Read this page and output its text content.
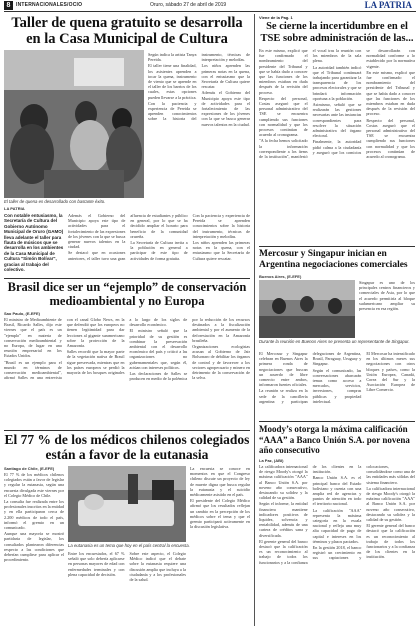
8	INTERNACIONALES/OCIO	Oruro, sábado 27 de abril de 2019	LA PATRIA
Taller de quena gratuito se desarrolla en la Casa Municipal de Cultura
El taller de quena es desarrollado con bastante éxito.
LA PATRIA

Según indica la artista Tanya Pereida.

El taller tiene una finalidad, los asistentes aprenden a tocar la quena, instrumento de viento que se aprende en el taller de los barrios de los cuales, estas opciones pueden llevarse a la práctica.

Con la paciencia y experiencia de Pereida se aprenden conocimientos sobre la historia del instrumento, técnicas de interpretación y melodías.

Los niños aprenden las primeras notas en la quena, con el entusiasmo que la Secretaría de Cultura quiere rescatar.

Además el Gobierno del Municipio apoya este tipo de actividades para el fortalecimiento de las expresiones de los jóvenes con la que se busca generar nuevos talentos en la ciudad.

Con notable entusiasmo, la Secretaría de Cultura del Gobierno Autónomo Municipal de Oruro (GAMO) lleva adelante el taller para flauta de músicos que se desarrolla en los ambientes de la Casa Municipal de Cultura "Simón Bolívar", gracias al trabajo del colectivo.

Además el Gobierno del Municipio apoya este tipo de actividades para el fortalecimiento de las expresiones de los jóvenes con la que se busca generar nuevos talentos en la ciudad.

Se destacó que en ocasiones anteriores, el taller tuvo una gran afluencia de estudiantes y público en general, por lo que se ha decidido ampliar el horario para beneficio de la comunidad orureña.

La Secretaría de Cultura invita a la población en general a participar de este tipo de actividades de forma gratuita.

Con la paciencia y experiencia de Pereida se aprenden conocimientos sobre la historia del instrumento, técnicas de interpretación y melodías.

Los niños aprenden las primeras notas en la quena, con el entusiasmo que la Secretaría de Cultura quiere rescatar.

Brasil dice ser un “ejemplo” de conservación medioambiental y no Europa
Sao Paulo, (E-EFE)

El ministro de Medioambiente de Brasil, Ricardo Salles, dijo este viernes que el país es un "ejemplo" en materia de conservación medioambiental y no Europa, de lugar en una reunión empresarial en los Estados Unidos.

"Brasil es un ejemplo para el mundo en términos de conservación medioambiental", afirmó Salles en una entrevista con el canal Globo News, en la que defendió que los europeos no tienen legitimidad para dar lecciones al gigante suramericano sobre la protección de la Amazonía.

Salles recordó que la mayor parte de la vegetación nativa de Brasil sigue preservada, mientras que en los países europeos se perdió la mayoría de los bosques originales a lo largo de los siglos de desarrollo económico.

El ministro señaló que la prioridad de su gestión es combinar la preservación ambiental con el desarrollo económico del país y criticó a las organizaciones no gubernamentales que, según él, actúan con intereses políticos.

Las declaraciones de Salles se producen en medio de la polémica por la reducción de los recursos destinados a la fiscalización ambiental y por el aumento de la deforestación en la Amazonía brasileña.

Organizaciones ecologistas acusan al Gobierno de Jair Bolsonaro de debilitar los órganos de control y de favorecer a los sectores agropecuario y minero en detrimento de la conservación de la selva.

El 77 % de los médicos chilenos colegiados están a favor de la eutanasia
Santiago de Chile, (E-EFE)

El 77 % de los médicos chilenos colegiados están a favor de legislar y regular la eutanasia, según una encuesta divulgada este viernes por el Colegio Médico de Chile.

La consulta fue realizada entre los profesionales inscritos en la entidad y en ella participaron cerca de 2.200 médicos de todo el país, informó el gremio en un comunicado.

Aunque una mayoría se mostró partidaria de legislar, los consultados plantearon diferencias respecto a las condiciones que deberían cumplirse para aplicar el procedimiento.

La eutanasia es un tema que hoy en el país central la encuesta.

Entre los encuestados, el 67 % señaló que solo debería aplicarse en personas mayores de edad con enfermedades terminales y con plena capacidad de decisión.

Sobre este aspecto, el Colegio Médico indicó que el debate sobre la eutanasia requiere una discusión amplia que incluya a la ciudadanía y a los profesionales de la salud.

La encuesta se conoce en momentos en que el Congreso chileno discute un proyecto de ley de muerte digna que busca regular la eutanasia y el suicidio médicamente asistido en el país.

El presidente del Colegio Médico afirmó que los resultados reflejan un cambio en la percepción de los médicos sobre el tema y que el gremio participará activamente en la discusión legislativa.

Viene de la Pag. 1
Se cierne la incertidumbre en el TSE sobre administración de las...

En este mismo, explicó que fue confirmado el nombramiento del presidente del Tribunal y que se había dado a conocer que las funciones de los miembros estaban en duda después de la revisión del proceso.

Respecto del personal, Costas aseguró que el personal administrativo del TSE se encuentra cumpliendo sus funciones con normalidad y que los procesos continúan de acuerdo al cronograma.

"A la fecha hemos solicitado la información correspondiente a los ítems de la institución", manifestó el vocal tras la reunión con los miembros de la sala plena.

La autoridad también indicó que el Tribunal continuará trabajando para garantizar la transparencia de los procesos electorales y que se brindará información oportuna a la población.

Asimismo, señaló que se realizarán las gestiones necesarias ante las instancias correspondientes para resolver la situación administrativa del órgano electoral.

Finalmente, la autoridad pidió calma a la ciudadanía y aseguró que los comicios se desarrollarán con normalidad conforme a lo establecido por la normativa vigente.

En este mismo, explicó que fue confirmado el nombramiento del presidente del Tribunal y que se había dado a conocer que las funciones de los miembros estaban en duda después de la revisión del proceso.

Respecto del personal, Costas aseguró que el personal administrativo del TSE se encuentra cumpliendo sus funciones con normalidad y que los procesos continúan de acuerdo al cronograma.

Mercosur y Singapur inician en Argentina negociaciones comerciales
Buenos Aires, (E-EFE)

Singapur es uno de los principales centros financieros y comerciales de Asia, por lo que el acuerdo permitiría al bloque sudamericano ampliar su presencia en esa región.

Durante la reunión en Buenos Aires se presenta un representante de Singapur.

El Mercosur y Singapur celebran en Buenos Aires la primera ronda de negociaciones que buscan un acuerdo de libre comercio entre ambos, informaron fuentes oficiales.

La reunión se realiza en la sede de la cancillería argentina y participan delegaciones de Argentina, Brasil, Paraguay, Uruguay y Singapur.

Según el comunicado, las conversaciones abarcarán temas como acceso a mercados, servicios, inversiones, compras públicas y propiedad intelectual.

El Mercosur ha intensificado en los últimos meses sus negociaciones con otros bloques y países, como la Unión Europea, Canadá, Corea del Sur y la Asociación Europea de Libre Comercio.

Moody’s otorga la máxima calificación “AAA” a Banco Unión S.A. por novena año consecutivo
La Paz, (ABI)

La calificadora internacional de riesgo Moody's otorgó la máxima calificación "AAA" al Banco Unión S.A. por noveno año consecutivo, destacando su solidez y la calidad de su gestión.

Según el informe, la entidad financiera mantiene indicadores positivos de liquidez, solvencia y rentabilidad, además de una cartera de créditos sana y diversificada.

El gerente general del banco destacó que la calificación es un reconocimiento al trabajo de todos los funcionarios y a la confianza de los clientes en la institución.

Banco Unión S.A. es el principal banco del Estado boliviano y cuenta con una amplia red de agencias y puntos de atención en todo el territorio nacional.

La calificación "AAA" representa la máxima categoría en la escala nacional y refleja una muy alta capacidad de pago de capital e intereses en los términos y plazos pactados.

En la gestión 2018, el banco registró un crecimiento en sus captaciones y colocaciones, consolidándose como una de las entidades más sólidas del sistema financiero.

La calificadora internacional de riesgo Moody's otorgó la máxima calificación "AAA" al Banco Unión S.A. por noveno año consecutivo, destacando su solidez y la calidad de su gestión.

El gerente general del banco destacó que la calificación es un reconocimiento al trabajo de todos los funcionarios y a la confianza de los clientes en la institución.
